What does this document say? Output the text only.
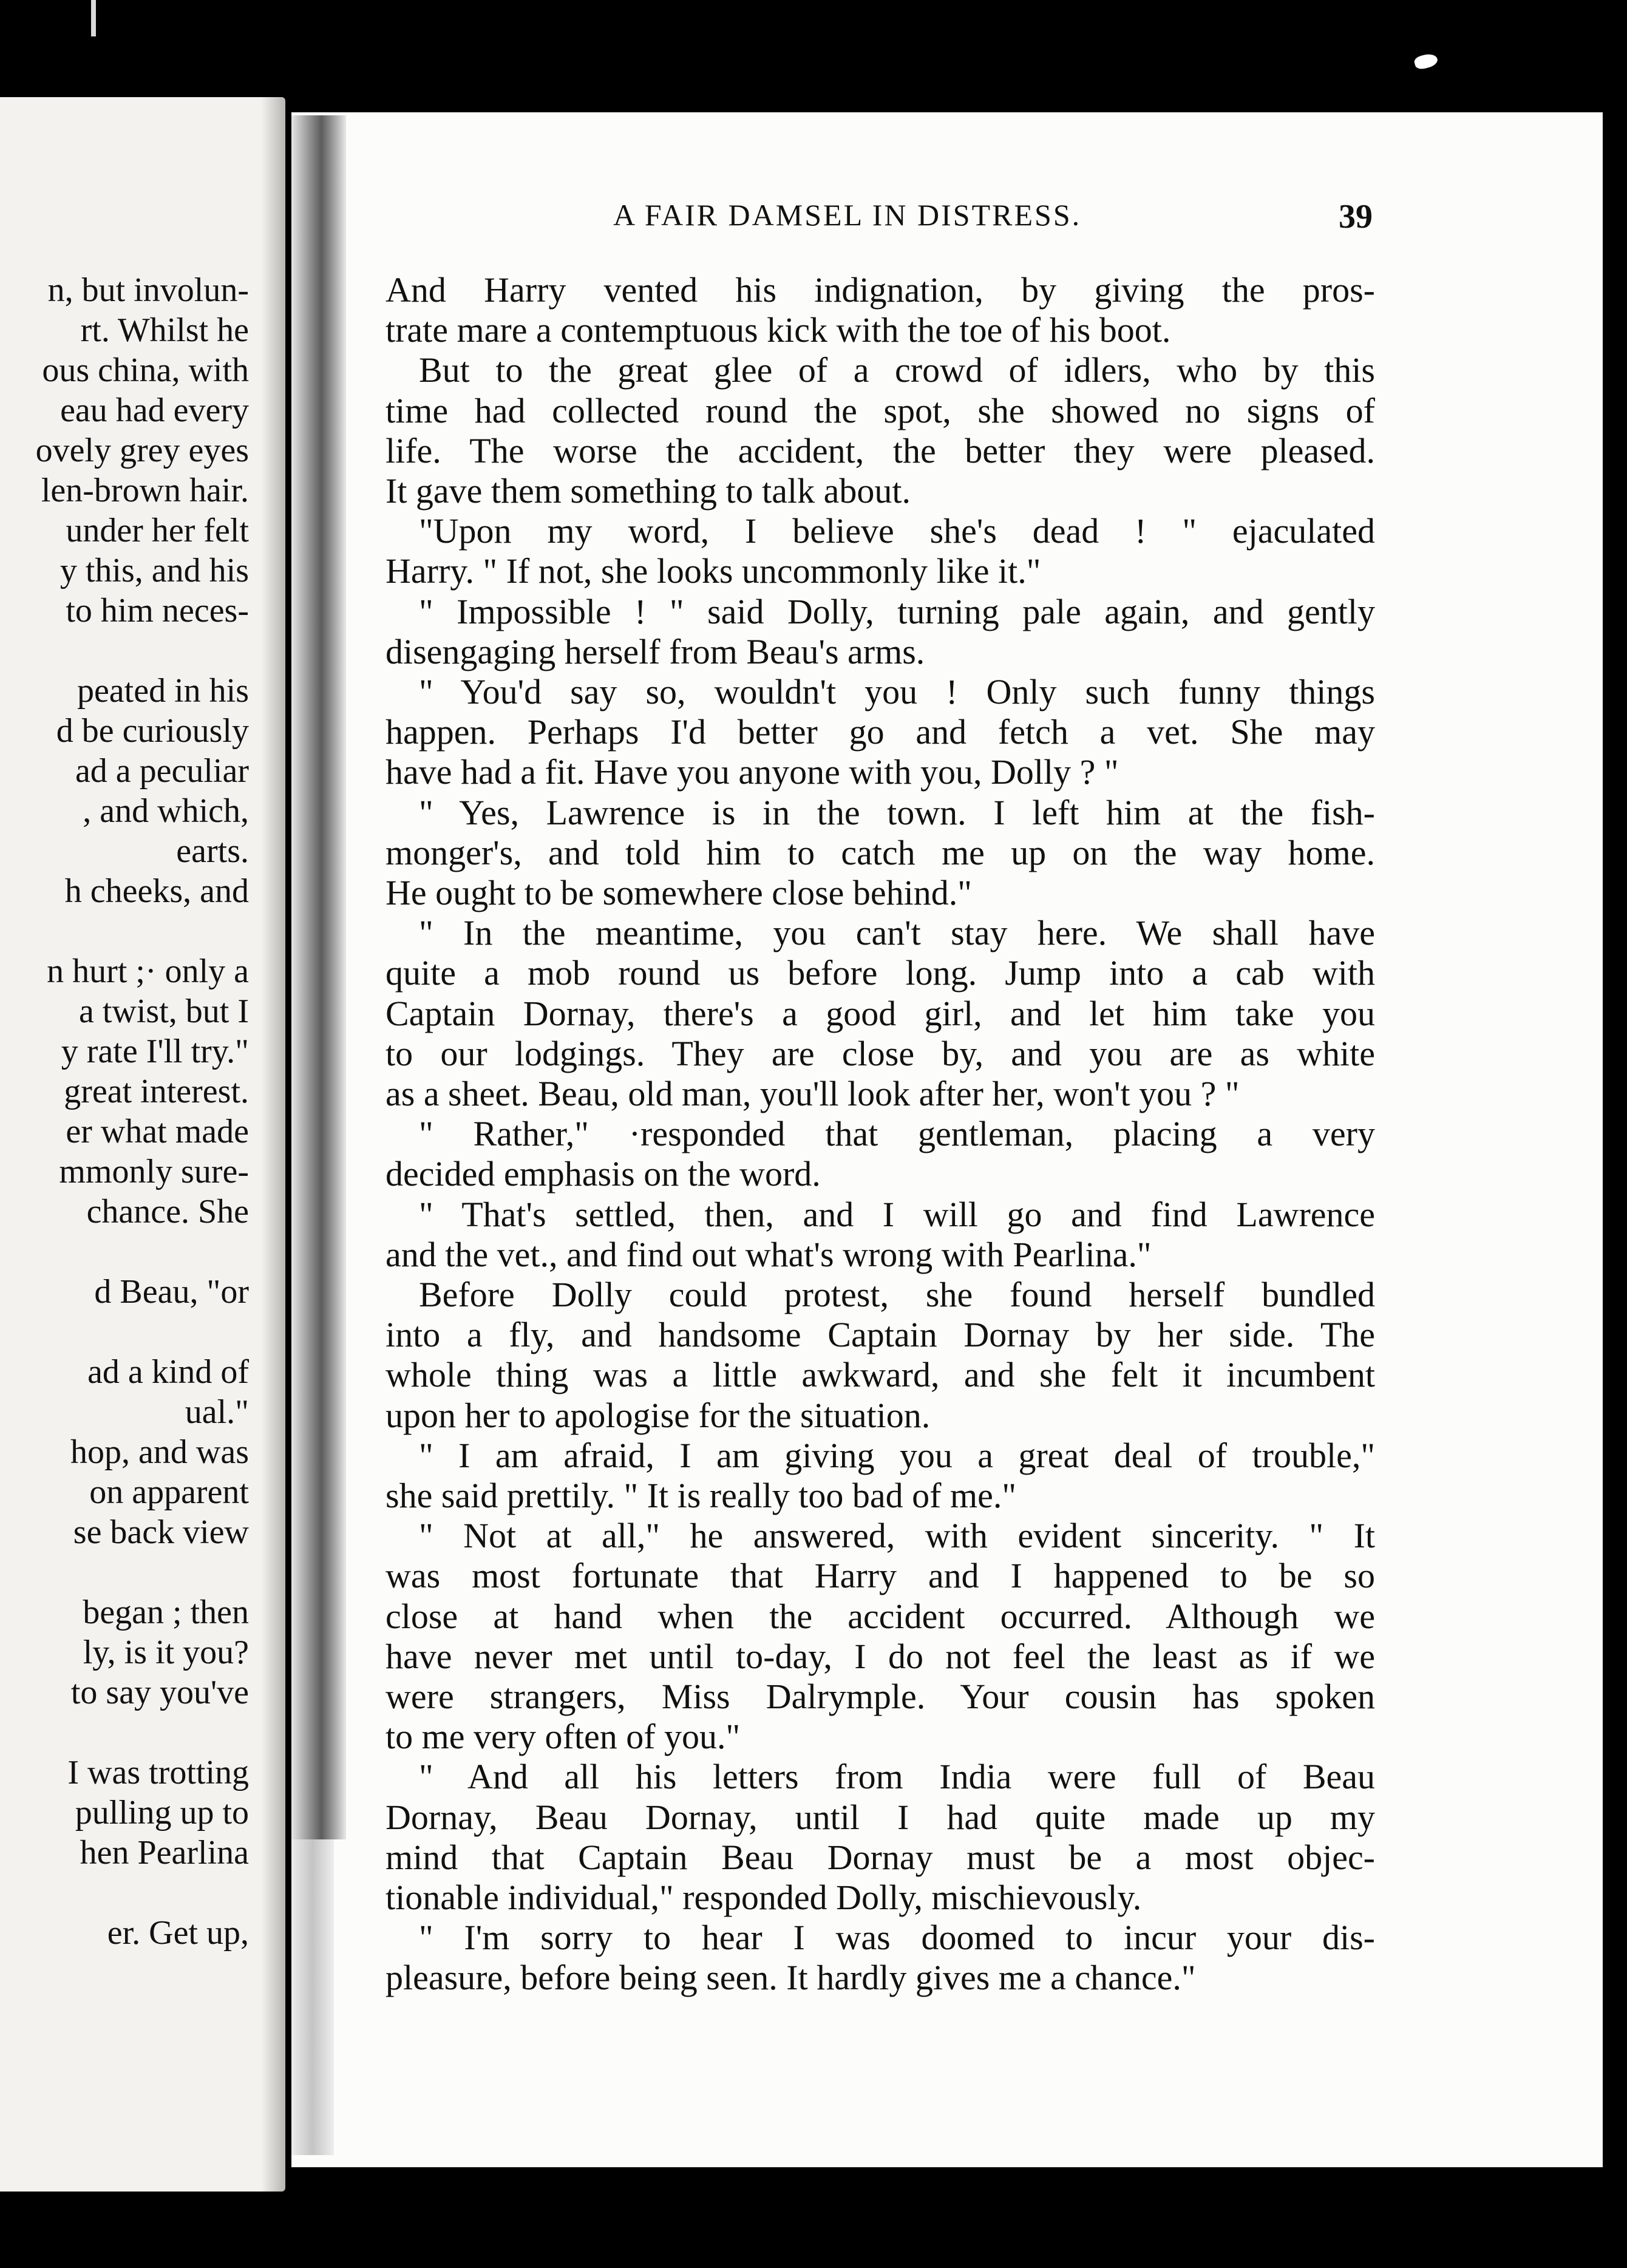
n, but involun-
rt. Whilst he
ous china, with
eau had every
ovely grey eyes
len-brown hair.
under her felt
y this, and his
to him neces-
peated in his
d be curiously
ad a peculiar
, and which,
earts.
h cheeks, and
n hurt ;· only a
a twist, but I
y rate I'll try."
great interest.
er what made
mmonly sure-
chance. She
d Beau, "or
ad a kind of
ual."
hop, and was
on apparent
se back view
began ; then
ly, is it you?
to say you've
I was trotting
pulling up to
hen Pearlina
er. Get up,
A FAIR DAMSEL IN DISTRESS.	39
And Harry vented his indignation, by giving the pros-
trate mare a contemptuous kick with the toe of his boot.
But to the great glee of a crowd of idlers, who by this
time had collected round the spot, she showed no signs of
life. The worse the accident, the better they were pleased.
It gave them something to talk about.
"Upon my word, I believe she's dead ! " ejaculated
Harry. " If not, she looks uncommonly like it."
" Impossible ! " said Dolly, turning pale again, and gently
disengaging herself from Beau's arms.
" You'd say so, wouldn't you ! Only such funny things
happen. Perhaps I'd better go and fetch a vet. She may
have had a fit. Have you anyone with you, Dolly ? "
" Yes, Lawrence is in the town. I left him at the fish-
monger's, and told him to catch me up on the way home.
He ought to be somewhere close behind."
" In the meantime, you can't stay here. We shall have
quite a mob round us before long. Jump into a cab with
Captain Dornay, there's a good girl, and let him take you
to our lodgings. They are close by, and you are as white
as a sheet. Beau, old man, you'll look after her, won't you ? "
" Rather," ·responded that gentleman, placing a very
decided emphasis on the word.
" That's settled, then, and I will go and find Lawrence
and the vet., and find out what's wrong with Pearlina."
Before Dolly could protest, she found herself bundled
into a fly, and handsome Captain Dornay by her side. The
whole thing was a little awkward, and she felt it incumbent
upon her to apologise for the situation.
" I am afraid, I am giving you a great deal of trouble,"
she said prettily. " It is really too bad of me."
" Not at all," he answered, with evident sincerity. " It
was most fortunate that Harry and I happened to be so
close at hand when the accident occurred. Although we
have never met until to-day, I do not feel the least as if we
were strangers, Miss Dalrymple. Your cousin has spoken
to me very often of you."
" And all his letters from India were full of Beau
Dornay, Beau Dornay, until I had quite made up my
mind that Captain Beau Dornay must be a most objec-
tionable individual," responded Dolly, mischievously.
" I'm sorry to hear I was doomed to incur your dis-
pleasure, before being seen. It hardly gives me a chance."
